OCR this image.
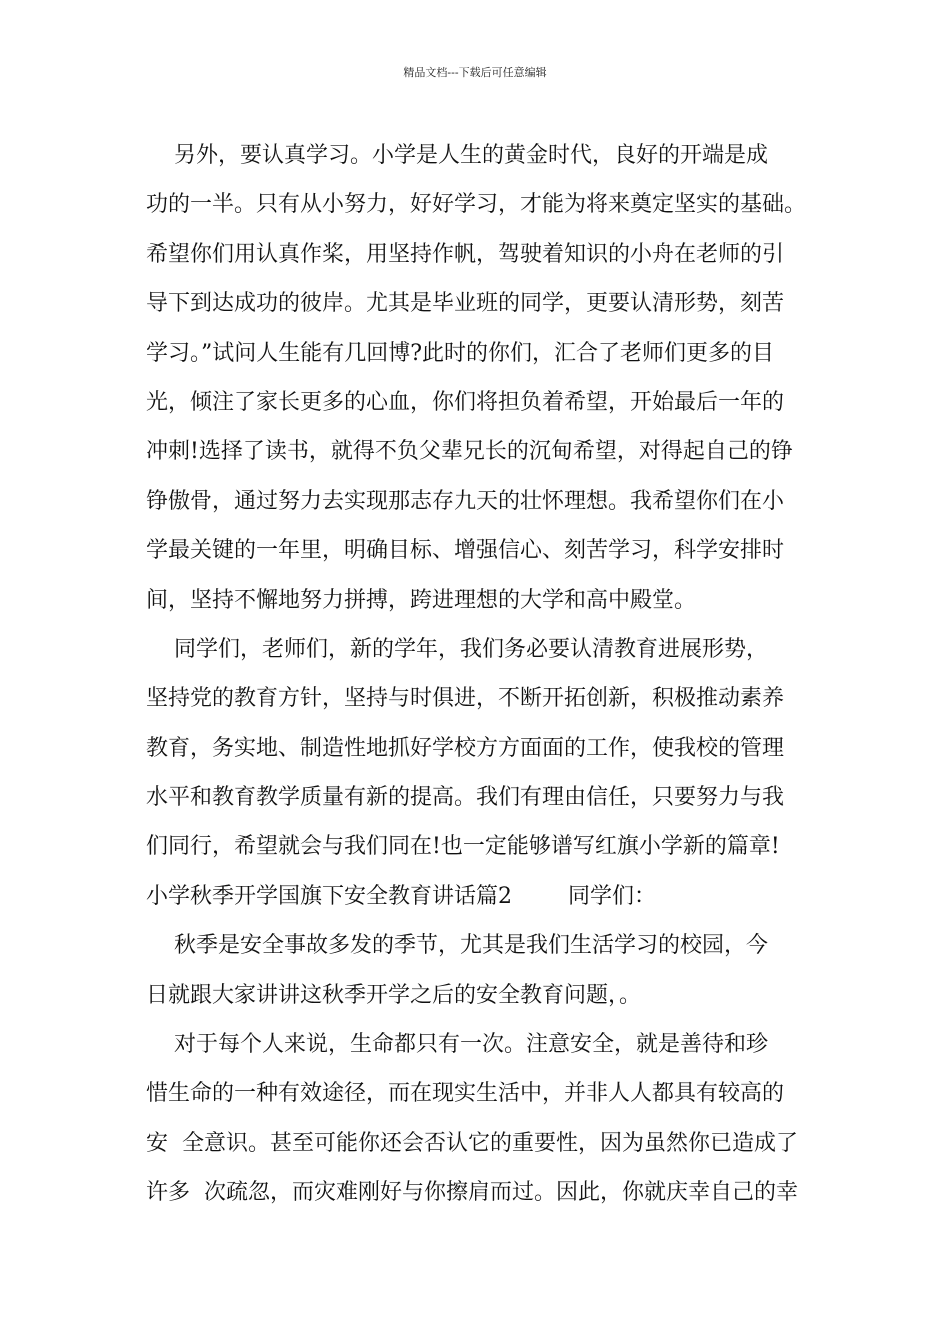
精品文档---下载后可任意编辑
另外，要认真学习。小学是人生的黄金时代，良好的开端是成
功的一半。只有从小努力，好好学习，才能为将来奠定坚实的基础。
希望你们用认真作桨，用坚持作帆，驾驶着知识的小舟在老师的引
导下到达成功的彼岸。尤其是毕业班的同学，更要认清形势，刻苦
学习。”试问人生能有几回博?此时的你们，汇合了老师们更多的目
光，倾注了家长更多的心血，你们将担负着希望，开始最后一年的
冲刺!选择了读书，就得不负父辈兄长的沉甸希望，对得起自己的铮
铮傲骨，通过努力去实现那志存九天的壮怀理想。我希望你们在小
学最关键的一年里，明确目标、增强信心、刻苦学习，科学安排时
间，坚持不懈地努力拼搏，跨进理想的大学和高中殿堂。
同学们，老师们，新的学年，我们务必要认清教育进展形势，
坚持党的教育方针，坚持与时俱进，不断开拓创新，积极推动素养
教育，务实地、制造性地抓好学校方方面面的工作，使我校的管理
水平和教育教学质量有新的提高。我们有理由信任，只要努力与我
们同行，希望就会与我们同在!也一定能够谱写红旗小学新的篇章!
小学秋季开学国旗下安全教育讲话篇2        同学们：
秋季是安全事故多发的季节，尤其是我们生活学习的校园，今
日就跟大家讲讲这秋季开学之后的安全教育问题，。
对于每个人来说，生命都只有一次。注意安全，就是善待和珍
惜生命的一种有效途径，而在现实生活中，并非人人都具有较高的
安  全意识。甚至可能你还会否认它的重要性，因为虽然你已造成了
许多  次疏忽，而灾难刚好与你擦肩而过。因此，你就庆幸自己的幸
